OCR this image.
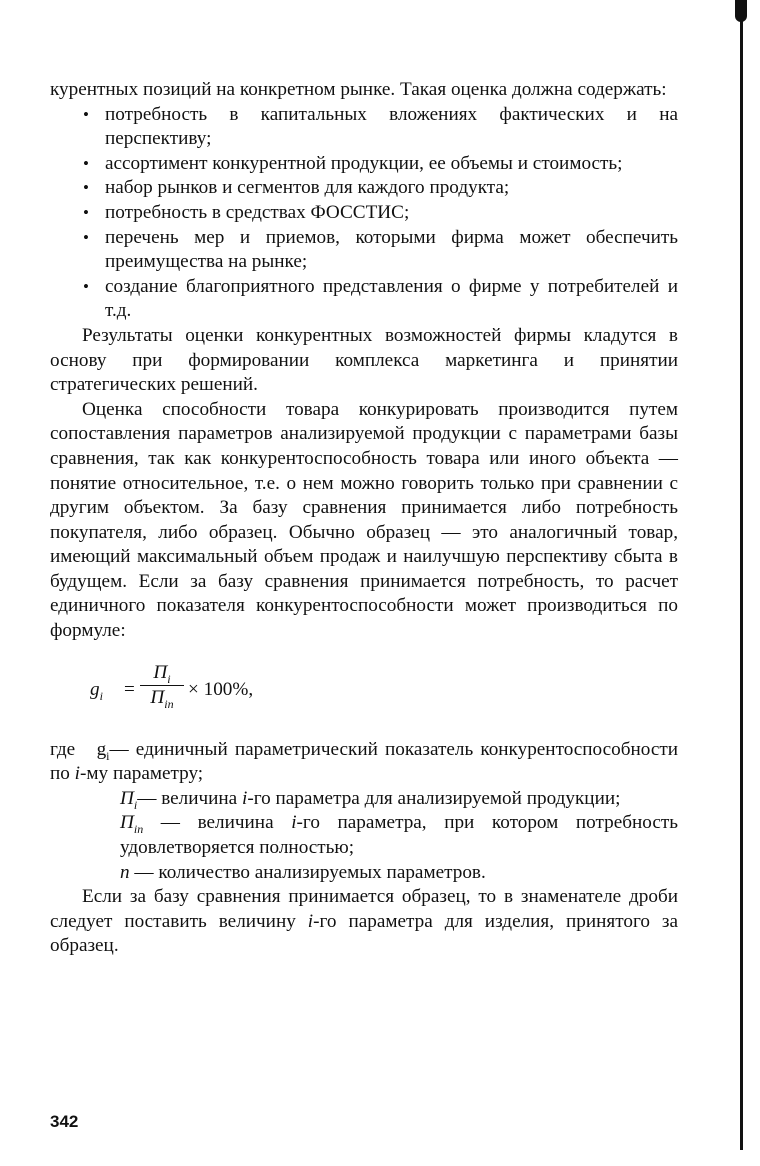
курентных позиций на конкретном рынке. Такая оценка должна содержать:

• потребность в капитальных вложениях фактических и на перспективу;
• ассортимент конкурентной продукции, ее объемы и стоимость;
• набор рынков и сегментов для каждого продукта;
• потребность в средствах ФОССТИС;
• перечень мер и приемов, которыми фирма может обеспечить преимущества на рынке;
• создание благоприятного представления о фирме у потребителей и т.д.

Результаты оценки конкурентных возможностей фирмы кладутся в основу при формировании комплекса маркетинга и принятии стратегических решений.

Оценка способности товара конкурировать производится путем сопоставления параметров анализируемой продукции с параметрами базы сравнения, так как конкурентоспособность товара или иного объекта — понятие относительное, т.е. о нем можно говорить только при сравнении с другим объектом. За базу сравнения принимается либо потребность покупателя, либо образец. Обычно образец — это аналогичный товар, имеющий максимальный объем продаж и наилучшую перспективу сбыта в будущем. Если за базу сравнения принимается потребность, то расчет единичного показателя конкурентоспособности может производиться по формуле:

$g_i$ =
$П_i$
$П_{in}$
× 100%,

где $g_i—$ единичный параметрический показатель конкурентоспособности по i-му параметру;

$П_i—$ величина i-го параметра для анализируемой продукции;

$П_{in}$ — величина i-го параметра, при котором потребность удовлетворяется полностью;

n — количество анализируемых параметров.

Если за базу сравнения принимается образец, то в знаменателе дроби следует поставить величину i-го параметра для изделия, принятого за образец.

342
